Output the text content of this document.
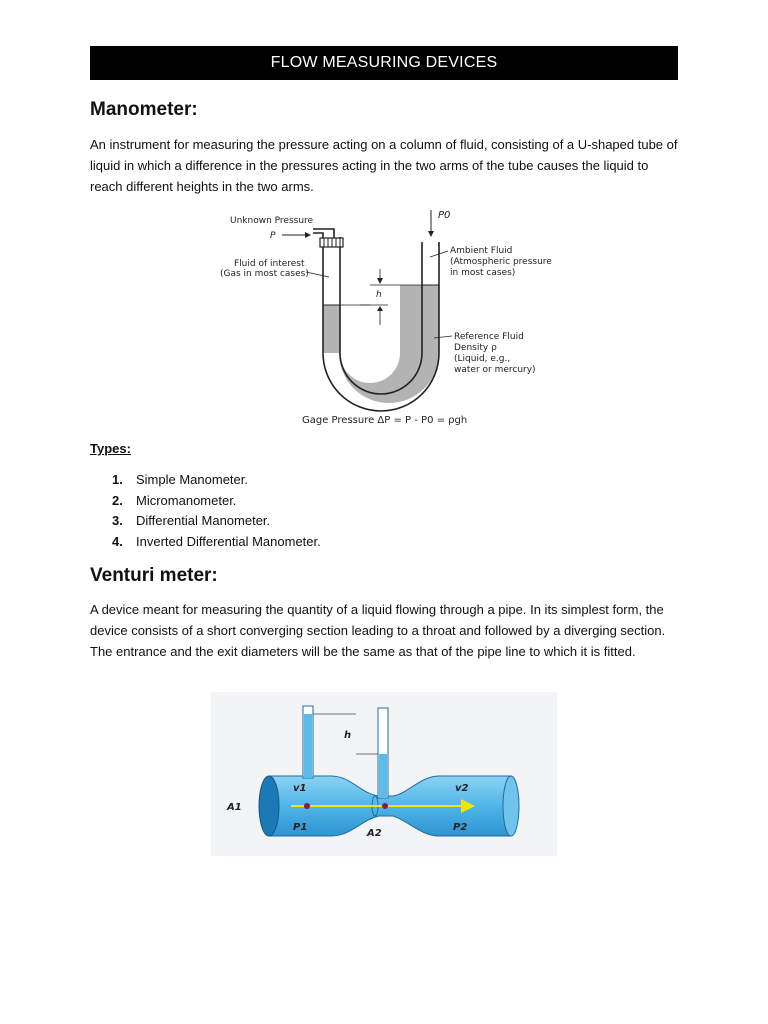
FLOW MEASURING DEVICES
Manometer:
An instrument for measuring the pressure acting on a column of fluid, consisting of a U-shaped tube of liquid in which a difference in the pressures acting in the two arms of the tube causes the liquid to reach different heights in the two arms.
Unknown Pressure
P
Fluid of interest
(Gas in most cases)
P0
h
Ambient Fluid
(Atmospheric pressure
in most cases)
Reference Fluid
Density ρ
(Liquid, e.g.,
water or mercury)
Gage Pressure ΔP = P - P0 = ρgh
Types:
1.	Simple Manometer.
2.	Micromanometer.
3.	Differential Manometer.
4.	Inverted Differential Manometer.
Venturi meter:
A device meant for measuring the quantity of a liquid flowing through a pipe. In its simplest form, the device consists of a short converging section leading to a throat and followed by a diverging section. The entrance and the exit diameters will be the same as that of the pipe line to which it is fitted.
h
v1	v2
A1
A2
P1	P2
